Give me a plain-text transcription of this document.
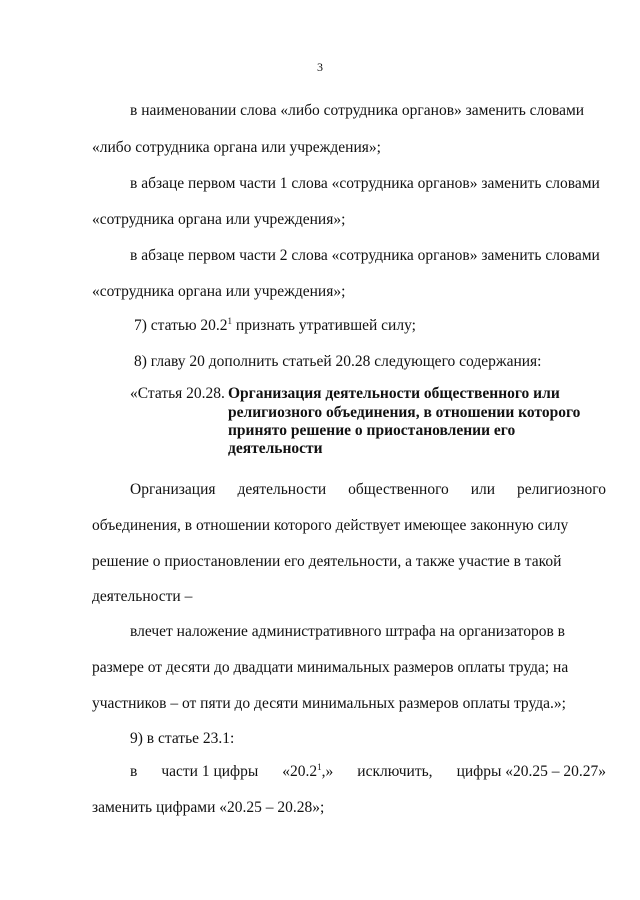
3
в наименовании слова «либо сотрудника органов» заменить словами
«либо сотрудника органа или учреждения»;
в абзаце первом части 1 слова «сотрудника органов» заменить словами
«сотрудника органа или учреждения»;
в абзаце первом части 2 слова «сотрудника органов» заменить словами
«сотрудника органа или учреждения»;
7) статью 20.2$^1$ признать утратившей силу;
8) главу 20 дополнить статьей 20.28 следующего содержания:
«Статья 20.28. Организация деятельности общественного или
религиозного объединения, в отношении которого
принято решение о приостановлении его
деятельности
Организация деятельности общественного или религиозного
объединения, в отношении которого действует имеющее законную силу
решение о приостановлении его деятельности, а также участие в такой
деятельности –
влечет наложение административного штрафа на организаторов в
размере от десяти до двадцати минимальных размеров оплаты труда; на
участников – от пяти до десяти минимальных размеров оплаты труда.»;
9) в статье 23.1:
в части 1 цифры «20.2$^1$,» исключить, цифры «20.25 – 20.27»
заменить цифрами «20.25 – 20.28»;
